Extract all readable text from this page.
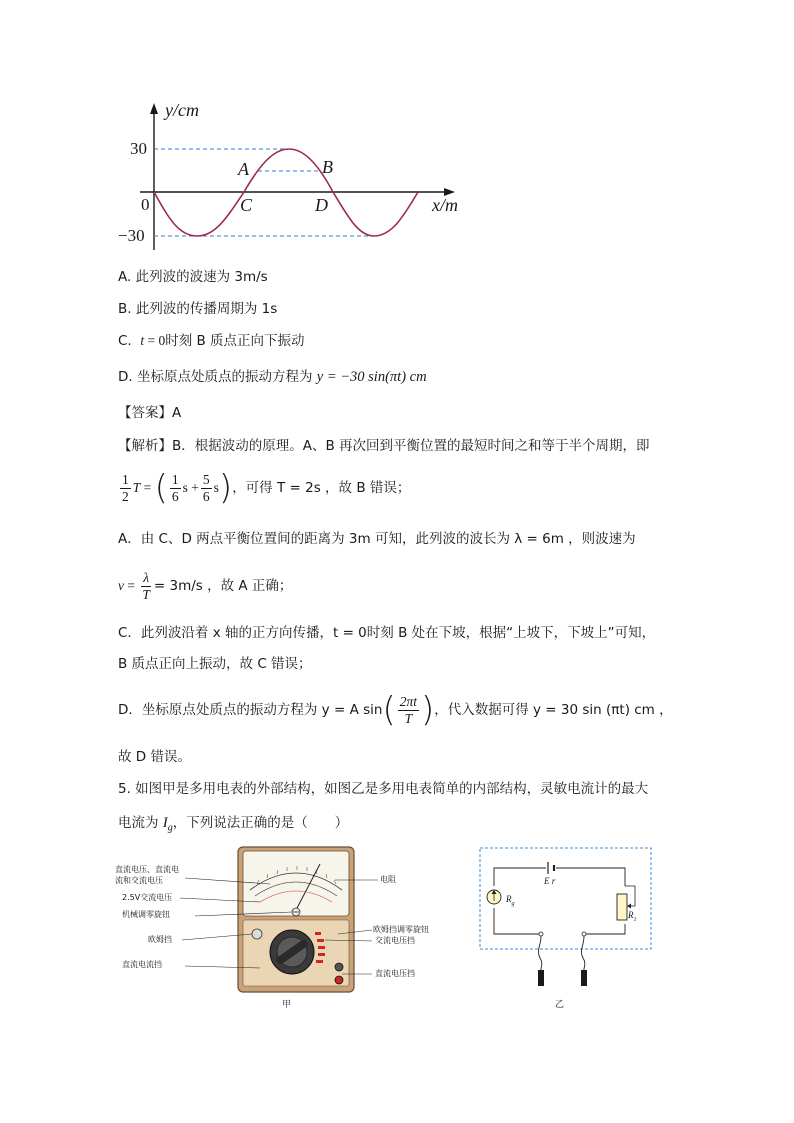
y/cm
x/m
30
0
−30
A	B
C	D
A. 此列波的波速为 3m/s
B. 此列波的传播周期为 1s
C. t = 0时刻 B 质点正向下振动
D. 坐标原点处质点的振动方程为 y = −30 sin(πt) cm
【答案】A
【解析】B．根据波动的原理。A、B 再次回到平衡位置的最短时间之和等于半个周期，即
$\frac{1}{2}$ T = ( $\frac{1}{6}$ $s + \frac{5}{6}$ s ) ，可得 T = 2s ，故 B 错误；
A．由 C、D 两点平衡位置间的距离为 3m 可知，此列波的波长为 λ = 6m ，则波速为
$v = \frac{\lambda}{T} = 3m/s$ ，故 A 正确；
C．此列波沿着 x 轴的正方向传播，t = 0时刻 B 处在下坡，根据“上坡下，下坡上”可知，
B 质点正向上振动，故 C 错误；
D．坐标原点处质点的振动方程为 y = A sin ( $\frac{2\pi t}{T}$ ) ，代入数据可得 y = 30 sin (πt) cm ，
故 D 错误。
5. 如图甲是多用电表的外部结构，如图乙是多用电表简单的内部结构，灵敏电流计的最大
电流为 $I_g$，下列说法正确的是（　　）
直流电压、直流电
流和交流电压
2.5V交流电压
机械调零旋钮
欧姆挡
直流电流挡
电阻
欧姆挡调零旋钮
交流电压挡
直流电压挡
甲
E r
$R_g$
$R_1$
乙
